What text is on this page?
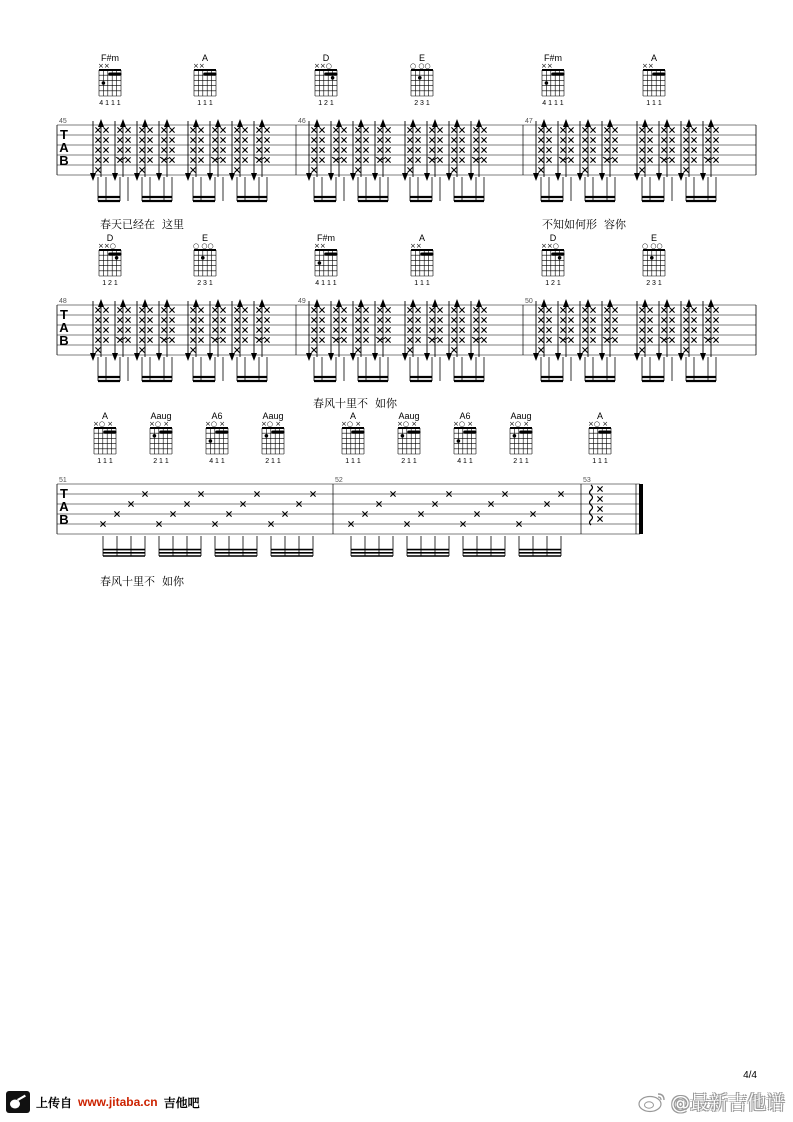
T
A
B
45	46	47
F#m
××
4 1 1 1
A
××
1 1 1
D
××○
1 2 1
E
○ ○○
2 3 1
F#m
××
4 1 1 1
A
××
1 1 1
T
A
B
48	49	50
D
××○
1 2 1
E
○ ○○
2 3 1
F#m
××
4 1 1 1
A
××
1 1 1
D
××○
1 2 1
E
○ ○○
2 3 1
T
A
B
51	52	53
A
×○ ×
1 1 1
Aaug
×○ ×
2 1 1
A6
×○ ×
4 1 1
Aaug
×○ ×
2 1 1
A
×○ ×
1 1 1
Aaug
×○ ×
2 1 1
A6
×○ ×
4 1 1
Aaug
×○ ×
2 1 1
A
×○ ×
1 1 1
春天已经在  这里	不知如何形  容你
春风十里不  如你
春风十里不  如你
4/4
上传自 www.jitaba.cn 吉他吧	@最新吉他谱
